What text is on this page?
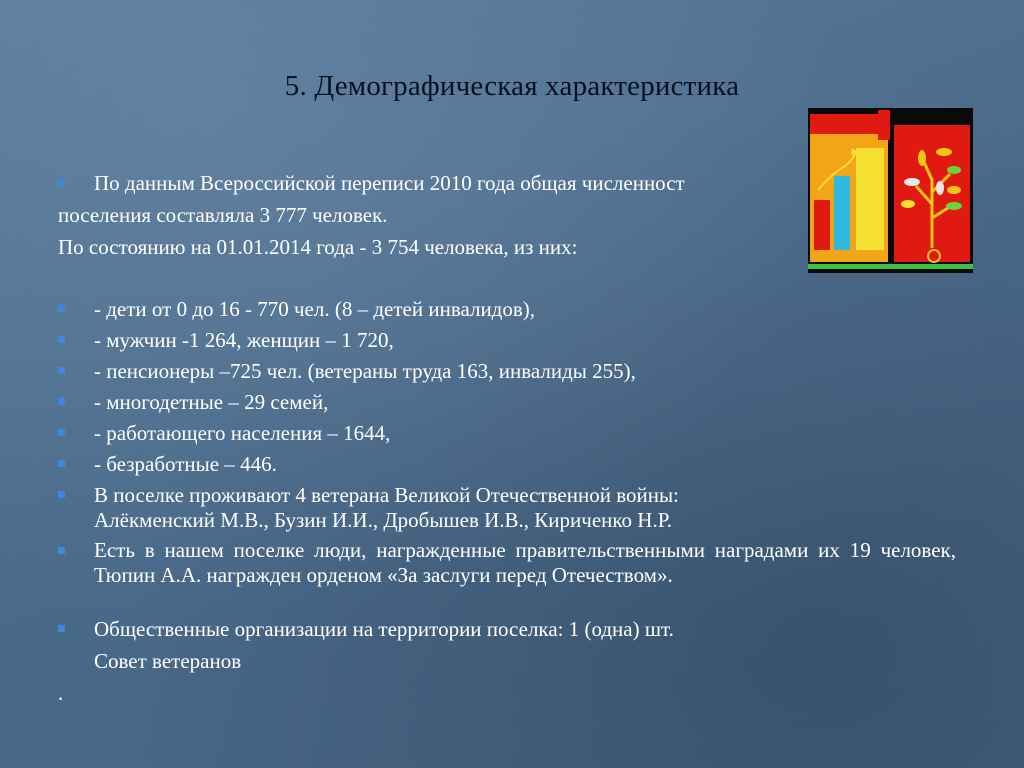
5. Демографическая характеристика
По данным Всероссийской переписи 2010 года общая численност
поселения составляла 3 777 человек.
По состоянию на 01.01.2014 года - 3 754 человека, из них:
- дети от 0 до 16 - 770 чел. (8 – детей инвалидов),
- мужчин -1 264, женщин – 1 720,
- пенсионеры –725 чел. (ветераны труда 163, инвалиды 255),
- многодетные – 29 семей,
- работающего населения – 1644,
- безработные – 446.
В поселке проживают 4 ветерана Великой Отечественной войны:
Алёкменский М.В., Бузин И.И., Дробышев И.В., Кириченко Н.Р.
Есть в нашем поселке люди, награжденные правительственными наградами их 19 человек, Тюпин А.А. награжден орденом «За заслуги перед Отечеством».
Общественные организации на территории поселка: 1 (одна) шт.
Совет ветеранов
.
